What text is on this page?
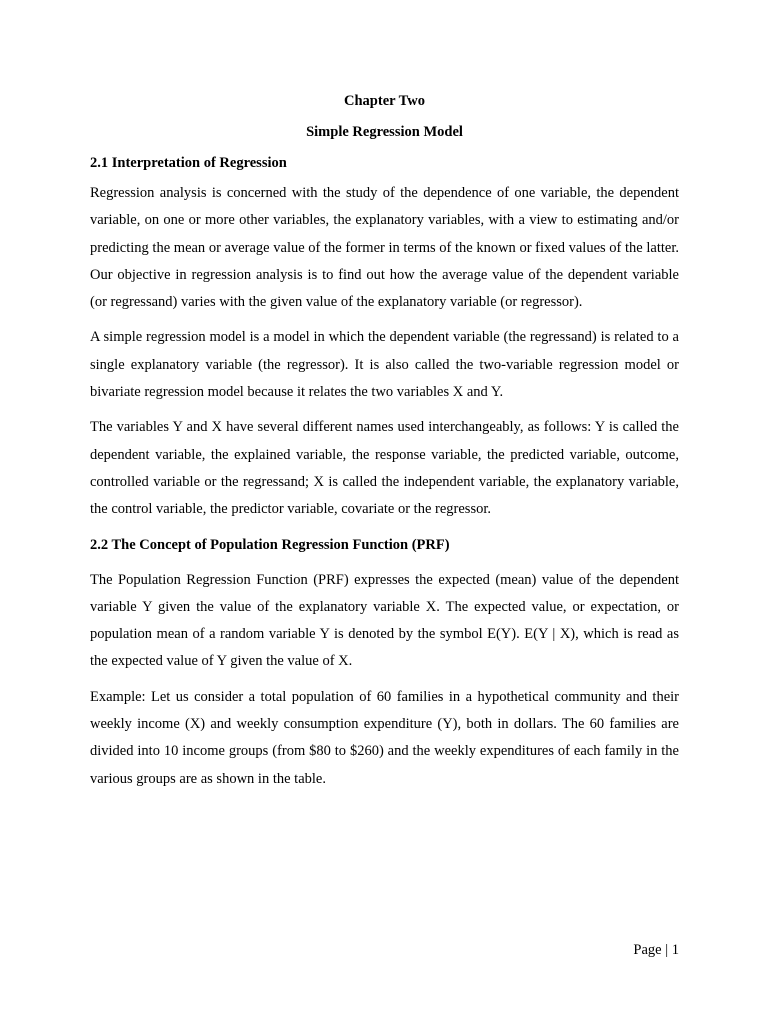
Chapter Two

Simple Regression Model

2.1 Interpretation of Regression

Regression analysis is concerned with the study of the dependence of one variable, the dependent variable, on one or more other variables, the explanatory variables, with a view to estimating and/or predicting the mean or average value of the former in terms of the known or fixed values of the latter. Our objective in regression analysis is to find out how the average value of the dependent variable (or regressand) varies with the given value of the explanatory variable (or regressor).

A simple regression model is a model in which the dependent variable (the regressand) is related to a single explanatory variable (the regressor). It is also called the two-variable regression model or bivariate regression model because it relates the two variables X and Y.

The variables Y and X have several different names used interchangeably, as follows: Y is called the dependent variable, the explained variable, the response variable, the predicted variable, outcome, controlled variable or the regressand; X is called the independent variable, the explanatory variable, the control variable, the predictor variable, covariate or the regressor.

2.2 The Concept of Population Regression Function (PRF)

The Population Regression Function (PRF) expresses the expected (mean) value of the dependent variable Y given the value of the explanatory variable X. The expected value, or expectation, or population mean of a random variable Y is denoted by the symbol E(Y). E(Y | X), which is read as the expected value of Y given the value of X.

Example: Let us consider a total population of 60 families in a hypothetical community and their weekly income (X) and weekly consumption expenditure (Y), both in dollars. The 60 families are divided into 10 income groups (from $80 to $260) and the weekly expenditures of each family in the various groups are as shown in the table.

Page | 1
